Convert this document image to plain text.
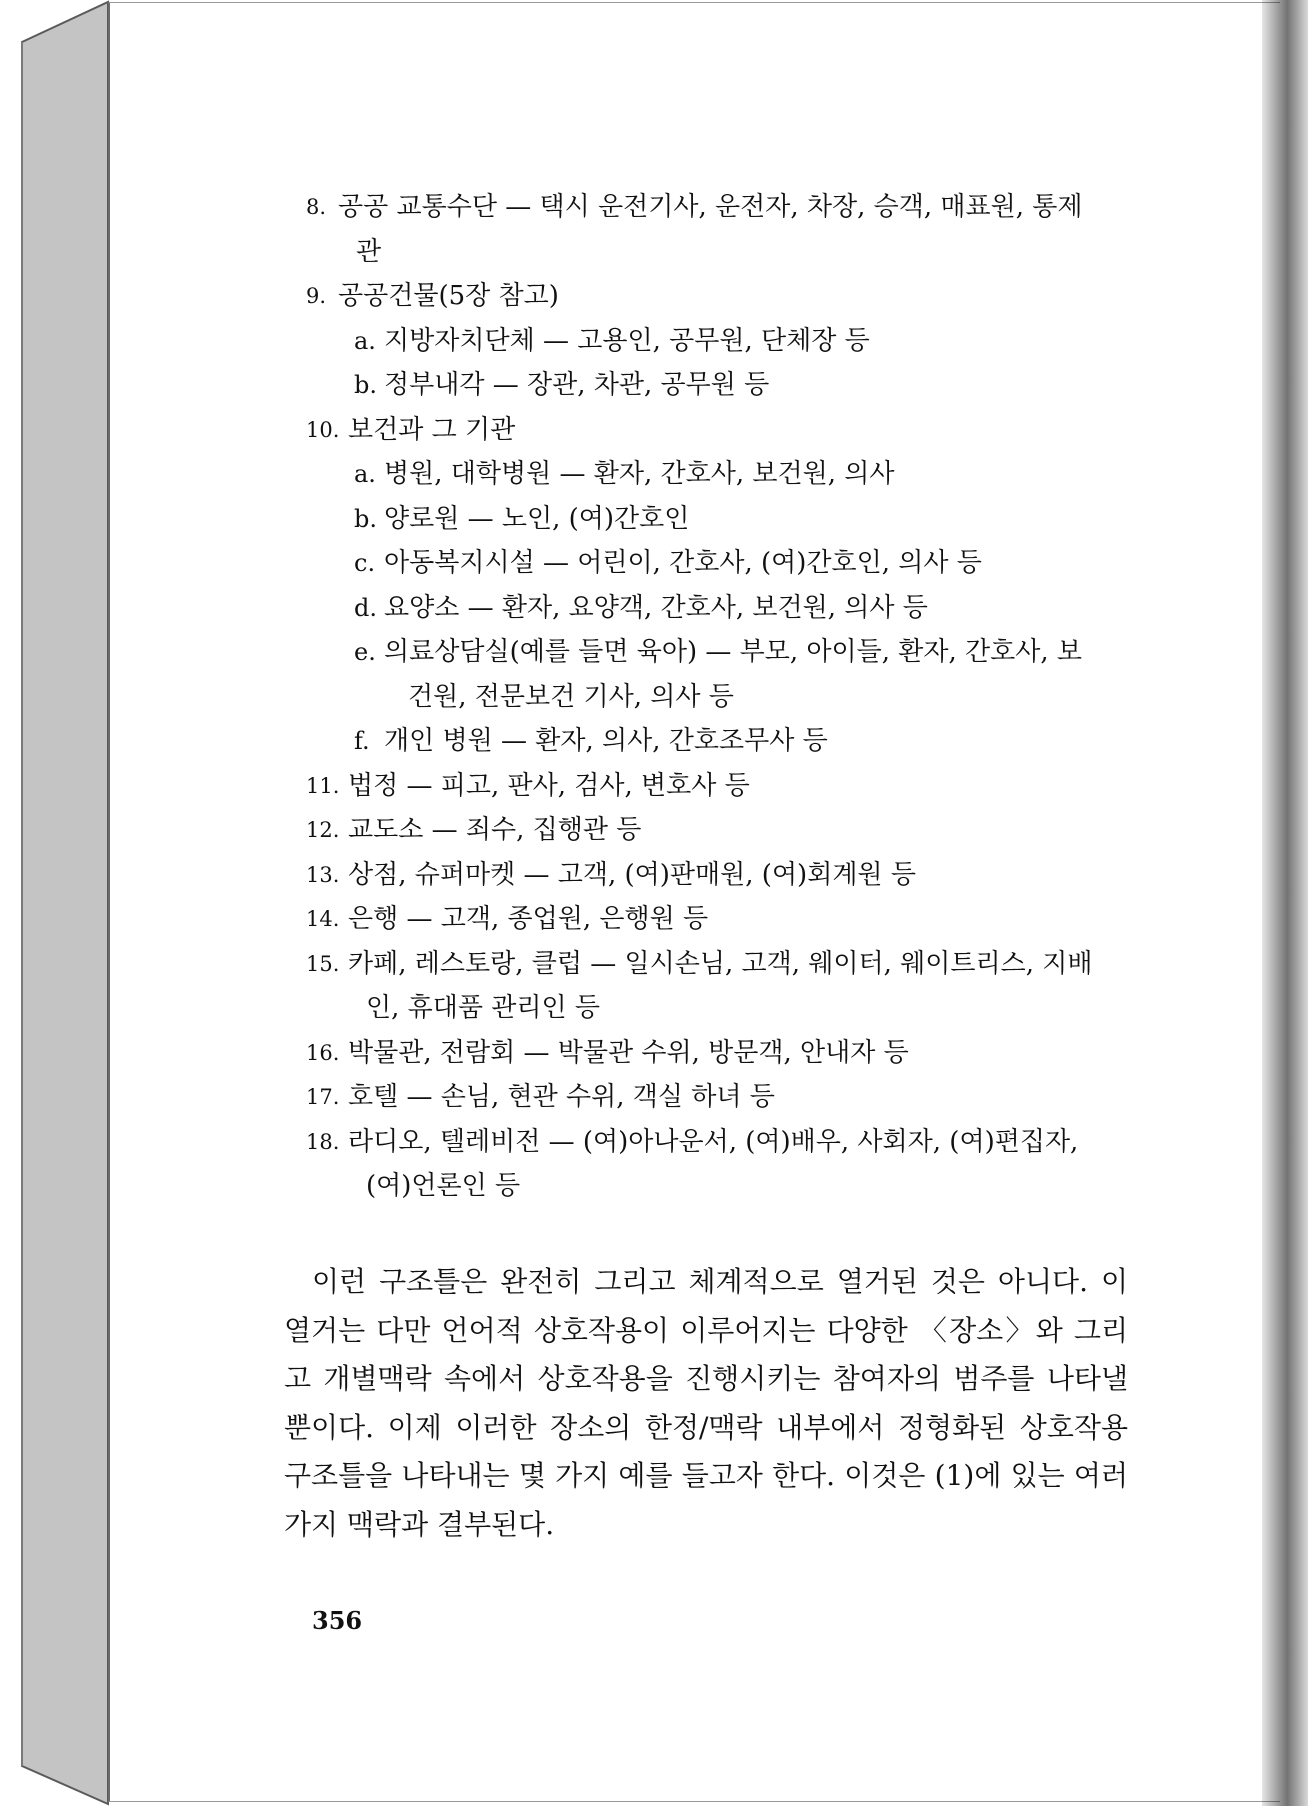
8. 공공 교통수단 — 택시 운전기사, 운전자, 차장, 승객, 매표원, 통제
관
9. 공공건물(5장 참고)
a. 지방자치단체 — 고용인, 공무원, 단체장 등
b. 정부내각 — 장관, 차관, 공무원 등
10. 보건과 그 기관
a. 병원, 대학병원 — 환자, 간호사, 보건원, 의사
b. 양로원 — 노인, (여)간호인
c. 아동복지시설 — 어린이, 간호사, (여)간호인, 의사 등
d. 요양소 — 환자, 요양객, 간호사, 보건원, 의사 등
e. 의료상담실(예를 들면 육아) — 부모, 아이들, 환자, 간호사, 보
건원, 전문보건 기사, 의사 등
f. 개인 병원 — 환자, 의사, 간호조무사 등
11. 법정 — 피고, 판사, 검사, 변호사 등
12. 교도소 — 죄수, 집행관 등
13. 상점, 슈퍼마켓 — 고객, (여)판매원, (여)회계원 등
14. 은행 — 고객, 종업원, 은행원 등
15. 카페, 레스토랑, 클럽 — 일시손님, 고객, 웨이터, 웨이트리스, 지배
인, 휴대품 관리인 등
16. 박물관, 전람회 — 박물관 수위, 방문객, 안내자 등
17. 호텔 — 손님, 현관 수위, 객실 하녀 등
18. 라디오, 텔레비전 — (여)아나운서, (여)배우, 사회자, (여)편집자,
(여)언론인 등
이런 구조틀은 완전히 그리고 체계적으로 열거된 것은 아니다. 이 열거는 다만 언어적 상호작용이 이루어지는 다양한 〈장소〉와 그리고 개별맥락 속에서 상호작용을 진행시키는 참여자의 범주를 나타낼 뿐이다. 이제 이러한 장소의 한정/맥락 내부에서 정형화된 상호작용 구조틀을 나타내는 몇 가지 예를 들고자 한다. 이것은 (1)에 있는 여러 가지 맥락과 결부된다.
356
